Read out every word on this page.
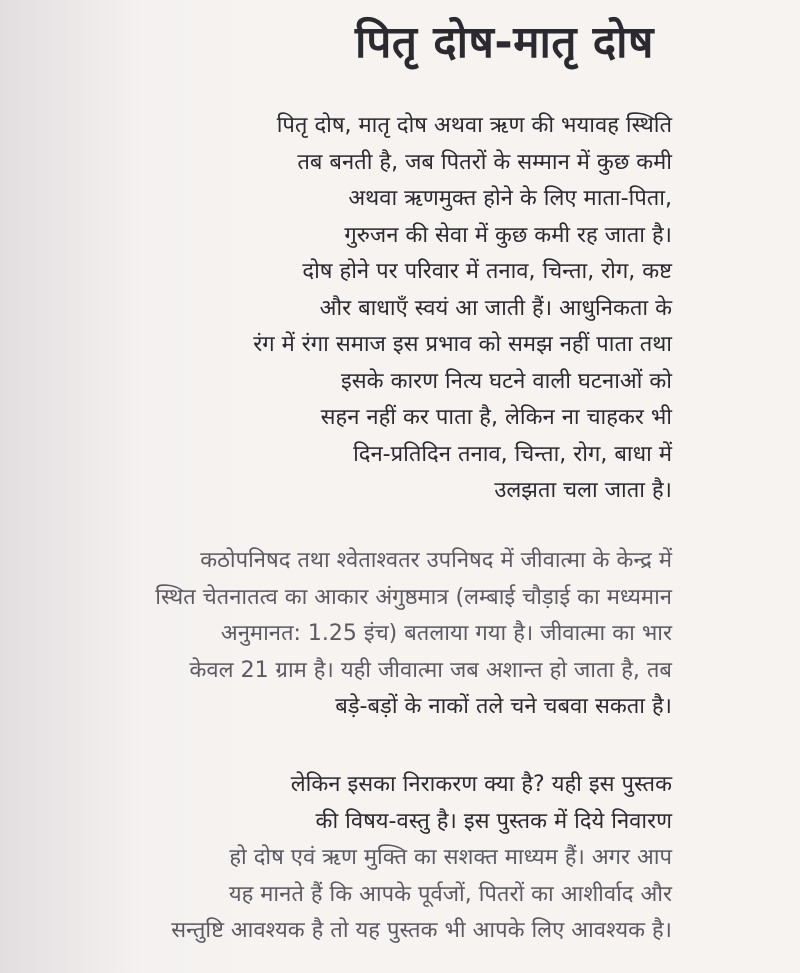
पितृ दोष-मातृ दोष
पितृ दोष, मातृ दोष अथवा ऋण की भयावह स्थिति
तब बनती है, जब पितरों के सम्मान में कुछ कमी
अथवा ऋणमुक्त होने के लिए माता-पिता,
गुरुजन की सेवा में कुछ कमी रह जाता है।
दोष होने पर परिवार में तनाव, चिन्ता, रोग, कष्ट
और बाधाएँ स्वयं आ जाती हैं। आधुनिकता के
रंग में रंगा समाज इस प्रभाव को समझ नहीं पाता तथा
इसके कारण नित्य घटने वाली घटनाओं को
सहन नहीं कर पाता है, लेकिन ना चाहकर भी
दिन-प्रतिदिन तनाव, चिन्ता, रोग, बाधा में
उलझता चला जाता है।
कठोपनिषद तथा श्वेताश्वतर उपनिषद में जीवात्मा के केन्द्र में
स्थित चेतनातत्व का आकार अंगुष्ठमात्र (लम्बाई चौड़ाई का मध्यमान
अनुमानत: 1.25 इंच) बतलाया गया है। जीवात्मा का भार
केवल 21 ग्राम है। यही जीवात्मा जब अशान्त हो जाता है, तब
बड़े-बड़ों के नाकों तले चने चबवा सकता है।
लेकिन इसका निराकरण क्या है? यही इस पुस्तक
की विषय-वस्तु है। इस पुस्तक में दिये निवारण
हो दोष एवं ऋण मुक्ति का सशक्त माध्यम हैं। अगर आप
यह मानते हैं कि आपके पूर्वजों, पितरों का आशीर्वाद और
सन्तुष्टि आवश्यक है तो यह पुस्तक भी आपके लिए आवश्यक है।
